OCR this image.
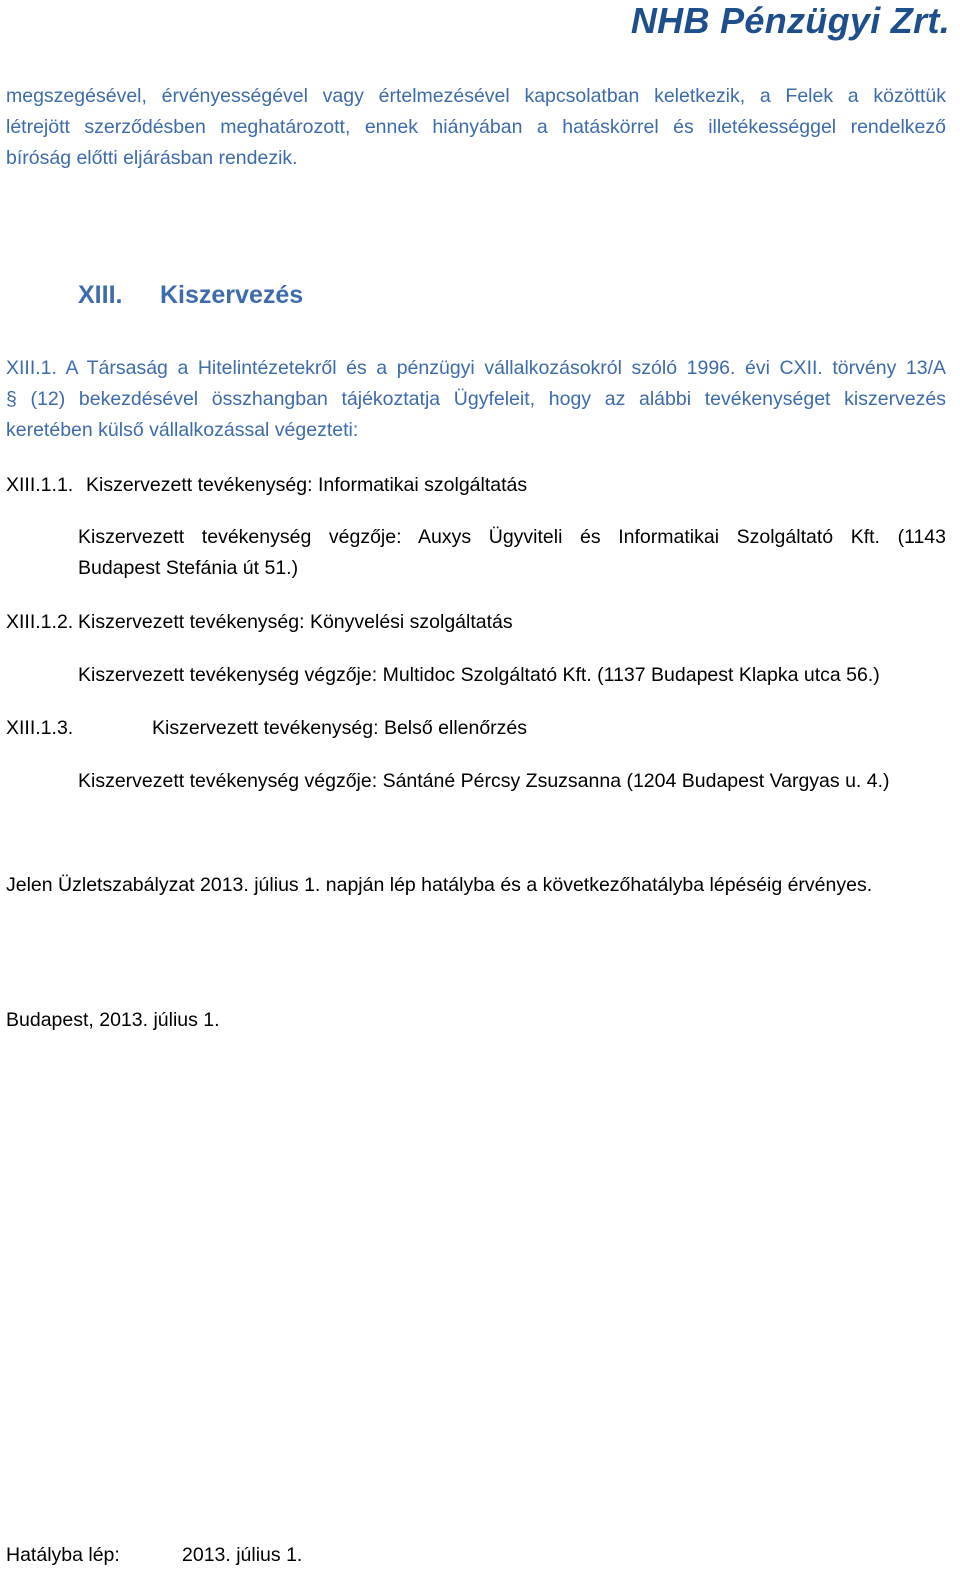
NHB Pénzügyi Zrt.
megszegésével, érvényességével vagy értelmezésével kapcsolatban keletkezik, a Felek a közöttük
létrejött szerződésben meghatározott, ennek hiányában a hatáskörrel és illetékességgel rendelkező
bíróság előtti eljárásban rendezik.
XIII. Kiszervezés
XIII.1. A Társaság a Hitelintézetekről és a pénzügyi vállalkozásokról szóló 1996. évi CXII. törvény 13/A
§ (12) bekezdésével összhangban tájékoztatja Ügyfeleit, hogy az alábbi tevékenységet kiszervezés
keretében külső vállalkozással végezteti:
XIII.1.1. Kiszervezett tevékenység: Informatikai szolgáltatás
Kiszervezett tevékenység végzője: Auxys Ügyviteli és Informatikai Szolgáltató Kft. (1143
Budapest Stefánia út 51.)
XIII.1.2. Kiszervezett tevékenység: Könyvelési szolgáltatás
Kiszervezett tevékenység végzője: Multidoc Szolgáltató Kft. (1137 Budapest Klapka utca 56.)
XIII.1.3.	Kiszervezett tevékenység: Belső ellenőrzés
Kiszervezett tevékenység végzője: Sántáné Pércsy Zsuzsanna (1204 Budapest Vargyas u. 4.)
Jelen Üzletszabályzat 2013. július 1. napján lép hatályba és a következőhatályba lépéséig érvényes.
Budapest, 2013. július 1.
Hatályba lép:	2013. július 1.
